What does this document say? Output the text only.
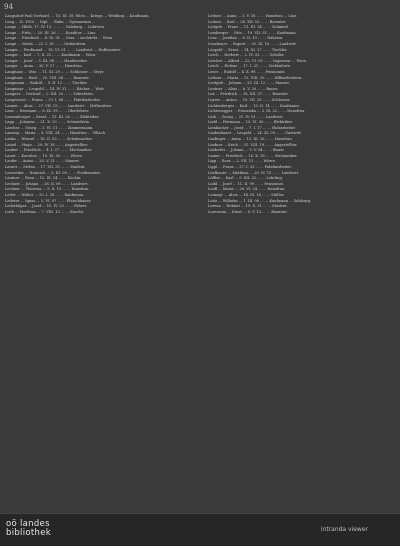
94
Langsdorf Paul Gerhard, ... 15. IX. 39, Wien ... Kriegs..., Wedding ... Kaufmann.
Lang ... II. 1950 ... Dipl. ... Bahn ... Gymnasium ...
Lange ... Hilde, 17. IV. 13 ... ... ... Salzburg ... Lehrerin.
Lange ... Fritz, ... 20. III. 26 ... ... Konditor ... Linz.
Lange ... Friedrich ... 4. IX. 01 ... Graz ... Architekt ... Wien.
Lange ... Maria ... 22. I. 38 ... ... Verkäuferin.
Langer ... Ferdinand ... 18. VI. 01 ... ... Landwirt ... Hofbeamter.
Langer ... Karl ... 7. X. 22 ... ... Kaufmann ... Wien.
Langer ... Josef ... 3. III. 96 ... ... Handwerker.
Langer ... Anna ... 30. V. 17 ... ... Hausfrau.
Langhans ... Otto ... 11. XI. 29 ... ... Schlosser ... Steyr.
Langhans ... Emil ... 25. VIII. 04 ... ... Beamter.
Langmann ... Rudolf ... 9. II. 12 ... ... Tischler.
Langmayr ... Leopold ... 14. IV. 31 ... ... Bäcker ... Wels.
Langner ... Gertrud ... 2. XII. 20 ... ... Sekretärin.
Langwieser ... Franz ... 19. I. 08 ... ... Fabrikarbeiter.
Lanner ... Alois ... 27. VII. 15 ... ... Landwirt ... Hofbesitzer.
Lanz ... Hermann ... 6. IX. 99 ... ... Oberlehrer.
Lanzenberger ... Ernst ... 13. III. 26 ... ... Elektriker.
Lapp ... Johanna ... 21. X. 33 ... ... Schneiderin.
Larcher ... Georg ... 1. VI. 11 ... ... Zimmermann.
Lassnig ... Maria ... 8. VIII. 24 ... ... Hausfrau ... Villach.
Laska ... Wenzel ... 16. II. 03 ... ... Schuhmacher.
Latzel ... Hugo ... 29. IV. 18 ... ... Angestellter.
Lauber ... Friedrich ... 4. I. 27 ... ... Mechaniker.
Lauer ... Karoline ... 10. XI. 09 ... ... Witwe.
Laufer ... Anton ... 23. V. 21 ... ... Maurer.
Laurer ... Stefan ... 17. VII. 35 ... ... Student.
Lausecker ... Heinrich ... 5. III. 00 ... ... Postbeamter.
Lautner ... Rosa ... 12. IX. 14 ... ... Köchin.
Lechner ... Johann ... 28. II. 06 ... ... Landwirt.
Lechner ... Theresia ... 9. X. 19 ... ... Hausfrau.
Leder ... Walter ... 20. I. 28 ... ... Kaufmann.
Lederer ... Ignaz ... 3. VI. 97 ... ... Fleischhauer.
Lederhilger ... Josef ... 15. IV. 23 ... ... Fahrer.
Leeb ... Matthias ... 7. VIII. 13 ... ... Knecht.
Leitner ... Anna ... 1. V. 18 ... ... Hausfrau ... Linz.
Leitner ... Karl ... 26. XII. 02 ... ... Beamter.
Leitgeb ... Franz ... 11. III. 24 ... ... Schmied.
Lemberger ... Otto ... 19. VII. 31 ... ... Kaufmann.
Lenz ... Josefine ... 8. II. 10 ... ... Näherin.
Lenzbauer ... Rupert ... 30. IX. 16 ... ... Landwirt.
Leopold ... Ernst ... 14. XI. 27 ... ... Tischler.
Lerch ... Herbert ... 2. IV. 33 ... ... Schüler.
Lercher ... Alfred ... 22. VI. 05 ... ... Ingenieur ... Wien.
Lesch ... Helene ... 17. I. 21 ... ... Verkäuferin.
Leser ... Rudolf ... 4. X. 98 ... ... Pensionist.
Lettner ... Maria ... 13. VIII. 29 ... ... Hilfsarbeiterin.
Leutgeb ... Johann ... 25. III. 12 ... ... Maurer.
Leutner ... Alois ... 6. V. 20 ... ... Bauer.
Lex ... Friedrich ... 18. XII. 07 ... ... Beamter.
Leyrer ... Anton ... 29. VII. 25 ... ... Schlosser.
Lichtenberger ... Karl ... 10. II. 14 ... ... Kaufmann.
Lichtenegger ... Franziska ... 3. IX. 22 ... ... Hausfrau.
Lieb ... Georg ... 21. IV. 01 ... ... Landwirt.
Liebl ... Hermann ... 15. VI. 30 ... ... Elektriker.
Lienbacher ... Josef ... 7. I. 17 ... ... Holzarbeiter.
Lindenbauer ... Leopold ... 24. XI. 09 ... ... Gastwirt.
Lindinger ... Anna ... 12. III. 26 ... ... Hausfrau.
Lindner ... Erich ... 31. VIII. 19 ... ... Angestellter.
Lindorfer ... Johann ... 9. V. 04 ... ... Bauer.
Linner ... Friedrich ... 16. X. 28 ... ... Mechaniker.
Lipp ... Rosa ... 2. VII. 11 ... ... Witwe.
Lippl ... Franz ... 27. I. 23 ... ... Fabrikarbeiter.
Litzlbauer ... Matthias ... 20. IV. 15 ... ... Landwirt.
Löffler ... Karl ... 5. XII. 32 ... ... Lehrling.
Loibl ... Josef ... 11. II. 99 ... ... Pensionist.
Loidl ... Maria ... 28. VI. 24 ... ... Hausfrau.
Loimayr ... Alois ... 14. IX. 18 ... ... Müller.
Loitz ... Wilhelm ... 1. III. 06 ... ... Kaufmann ... Salzburg.
Lorenz ... Helmut ... 19. X. 31 ... ... Student.
Lorenzoni ... Ernst ... 8. V. 13 ... ... Beamter.
oö landes
bibliothek	intranda viewer
